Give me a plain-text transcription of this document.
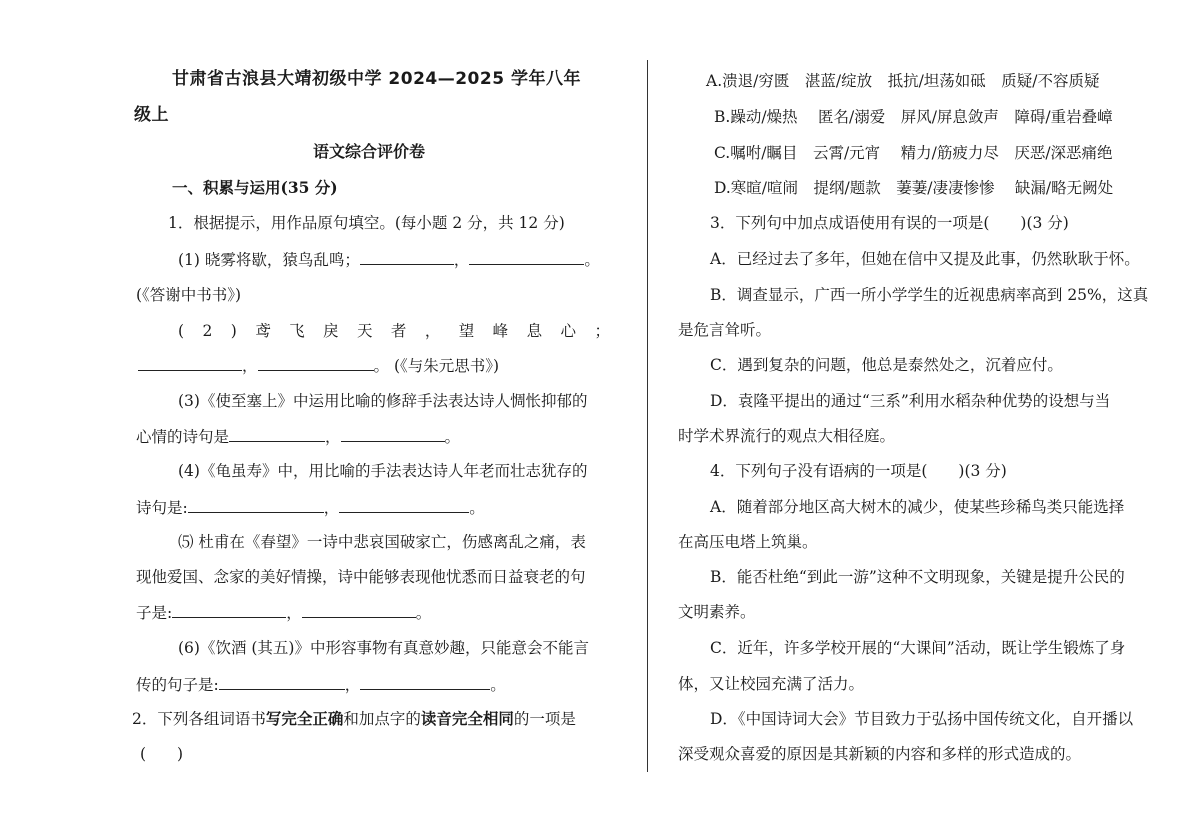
甘肃省古浪县大靖初级中学 2024—2025 学年八年
级上
语文综合评价卷
一、积累与运用(35 分)
1．根据提示，用作品原句填空。(每小题 2 分，共 12 分)
(1) 晓雾将歇，猿鸟乱鸣；	，	。
(《答谢中书书》)
( 2 ) 鸢 飞 戾 天 者 ， 望 峰 息 心 ；
，	。 (《与朱元思书》)
(3)《使至塞上》中运用比喻的修辞手法表达诗人惆怅抑郁的
心情的诗句是	，	。
(4)《龟虽寿》中，用比喻的手法表达诗人年老而壮志犹存的
诗句是:	，	。
⑸ 杜甫在《春望》一诗中悲哀国破家亡，伤感离乱之痛，表
现他爱国、念家的美好情操，诗中能够表现他忧悉而日益衰老的句
子是:	，	。
(6)《饮酒 (其五)》中形容事物有真意妙趣，只能意会不能言
传的句子是:	，	。
2．下列各组词语书写完全正确和加点字的读音完全相同的一项是
(　　)
A.溃退/穷匮　湛蓝/绽放　抵抗/坦荡如砥　质疑/不容质疑
B.躁动/燥热　 匿名/溺爱　屏风/屏息敛声　障碍/重岩叠嶂
C.嘱咐/瞩目　云霄/元宵　 精力/筋疲力尽　厌恶/深恶痛绝
D.寒暄/喧闹　提纲/题款　萋萋/凄凄惨惨　 缺漏/略无阙处
3．下列句中加点成语使用有误的一项是(　　)(3 分)
A．已经过去了多年，但她在信中又提及此事，仍然耿耿于怀。
B．调查显示，广西一所小学学生的近视患病率高到 25%，这真
是危言耸听。
C．遇到复杂的问题，他总是泰然处之，沉着应付。
D．袁隆平提出的通过“三系”利用水稻杂种优势的设想与当
时学术界流行的观点大相径庭。
4．下列句子没有语病的一项是(　　)(3 分)
A．随着部分地区高大树木的减少，使某些珍稀鸟类只能选择
在高压电塔上筑巢。
B．能否杜绝“到此一游”这种不文明现象，关键是提升公民的
文明素养。
C．近年，许多学校开展的“大课间”活动，既让学生锻炼了身
体，又让校园充满了活力。
D．《中国诗词大会》节目致力于弘扬中国传统文化，自开播以
深受观众喜爱的原因是其新颖的内容和多样的形式造成的。
